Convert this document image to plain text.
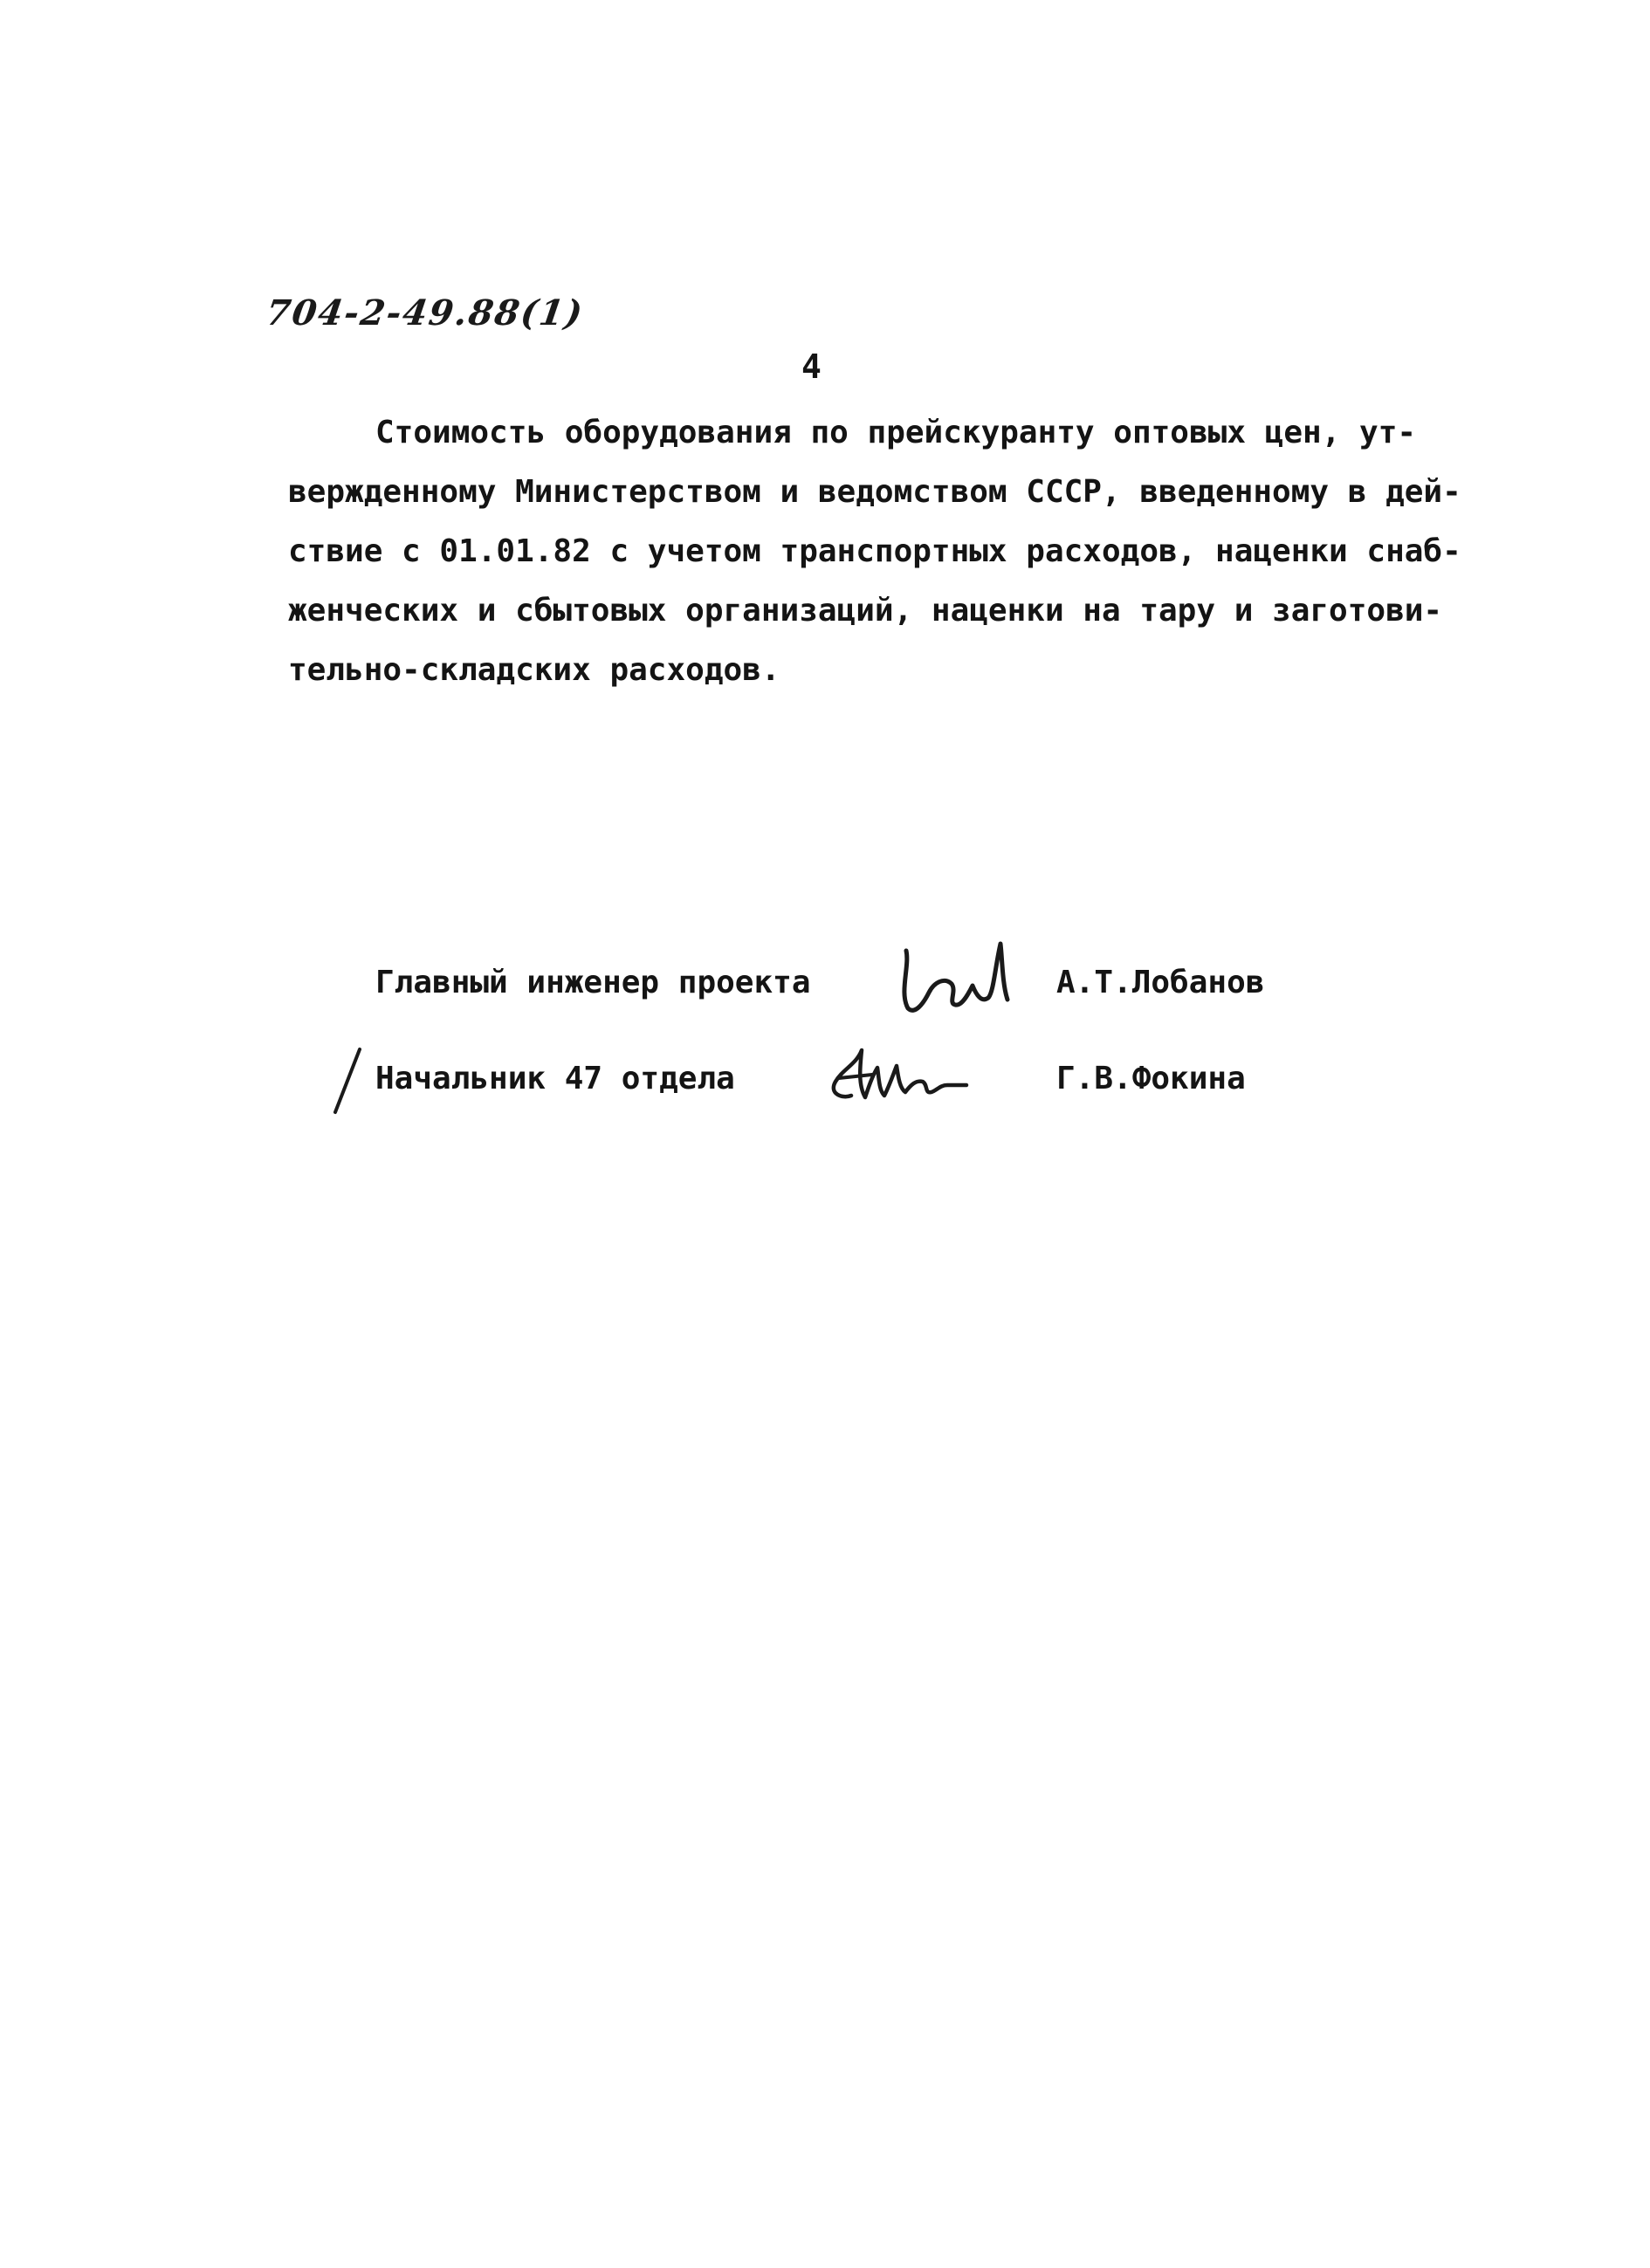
704-2-49.88(1)
4
Стоимость оборудования по прейскуранту оптовых цен, ут-
вержденному Министерством и ведомством СССР, введенному в дей-
ствие с 01.01.82 с учетом транспортных расходов, наценки снаб-
женческих и сбытовых организаций, наценки на тару и заготови-
тельно-складских расходов.
Главный инженер проекта	А.Т.Лобанов
Начальник 47 отдела	Г.В.Фокина
